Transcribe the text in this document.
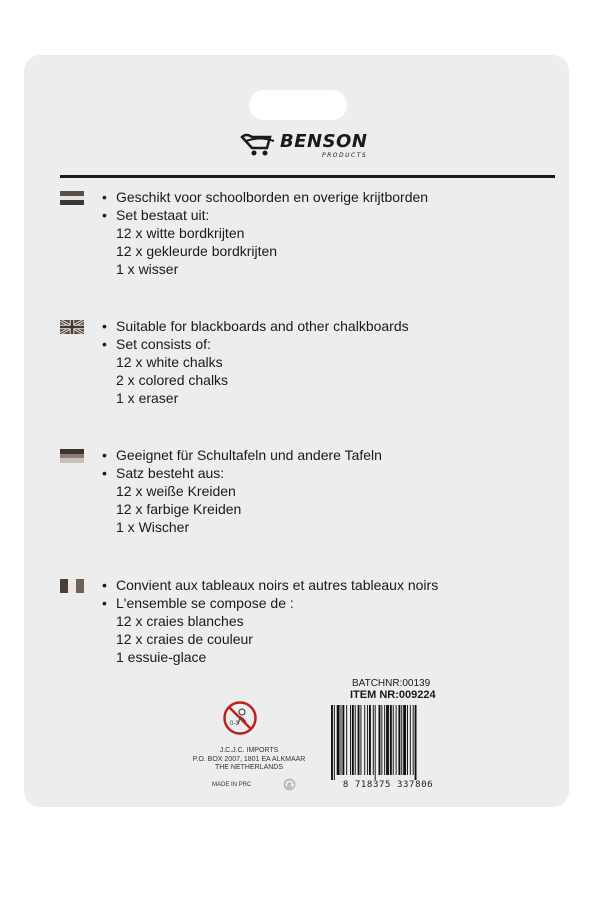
BENSON
PRODUCTS
• Geschikt voor schoolborden en overige krijtborden
• Set bestaat uit:
12 x witte bordkrijten
12 x gekleurde bordkrijten
1 x wisser
• Suitable for blackboards and other chalkboards
• Set consists of:
12 x white chalks
2 x colored chalks
1 x eraser
• Geeignet für Schultafeln und andere Tafeln
• Satz besteht aus:
12 x weiße Kreiden
12 x farbige Kreiden
1 x Wischer
• Convient aux tableaux noirs et autres tableaux noirs
• L'ensemble se compose de :
12 x craies blanches
12 x craies de couleur
1 essuie-glace
BATCHNR:00139
ITEM NR:009224
8 718375 337806
0-3
J.C.J.C. IMPORTS
P.O. BOX 2007, 1801 EA ALKMAAR
THE NETHERLANDS
MADE IN PRC
